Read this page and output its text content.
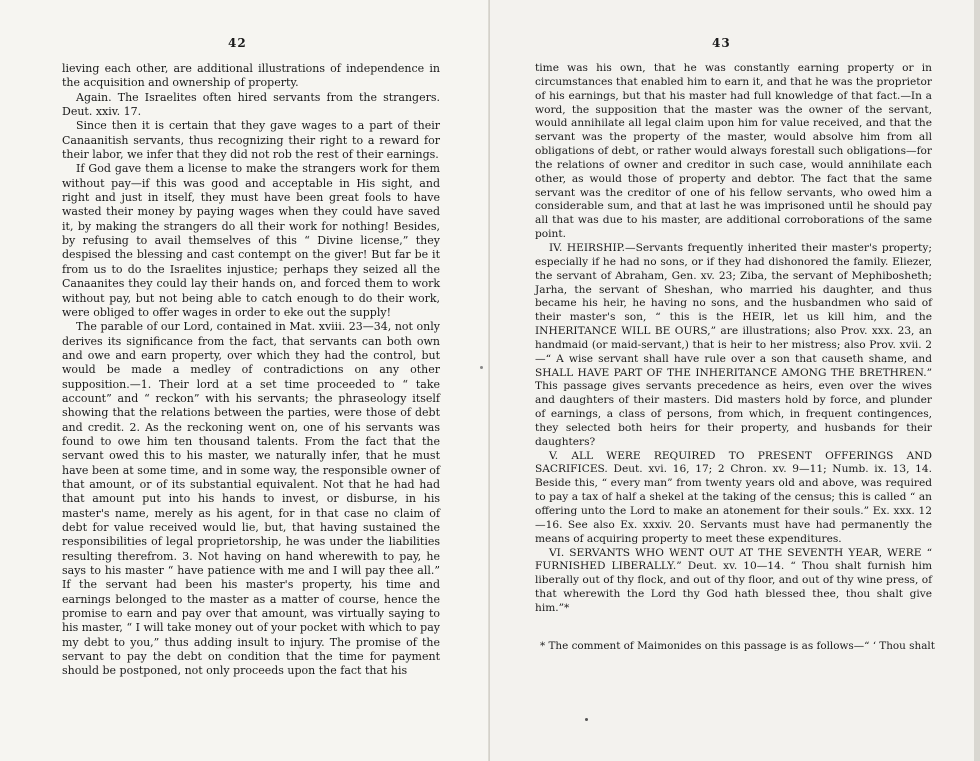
42

lieving each other, are additional illustrations of independence in the acquisition and ownership of property.

Again. The Israelites often hired servants from the strangers. Deut. xxiv. 17.

Since then it is certain that they gave wages to a part of their Canaanitish servants, thus recognizing their right to a reward for their labor, we infer that they did not rob the rest of their earnings.

If God gave them a license to make the strangers work for them without pay—if this was good and acceptable in His sight, and right and just in itself, they must have been great fools to have wasted their money by paying wages when they could have saved it, by making the strangers do all their work for nothing! Besides, by refusing to avail themselves of this “ Divine license,” they despised the blessing and cast contempt on the giver! But far be it from us to do the Israelites injustice; perhaps they seized all the Canaanites they could lay their hands on, and forced them to work without pay, but not being able to catch enough to do their work, were obliged to offer wages in order to eke out the supply!

The parable of our Lord, contained in Mat. xviii. 23—34, not only derives its significance from the fact, that servants can both own and owe and earn property, over which they had the control, but would be made a medley of contradictions on any other supposition.—1. Their lord at a set time proceeded to “ take account” and “ reckon” with his servants; the phraseology itself showing that the relations between the parties, were those of debt and credit. 2. As the reckoning went on, one of his servants was found to owe him ten thousand talents. From the fact that the servant owed this to his master, we naturally infer, that he must have been at some time, and in some way, the responsible owner of that amount, or of its substantial equivalent. Not that he had had that amount put into his hands to invest, or disburse, in his master's name, merely as his agent, for in that case no claim of debt for value received would lie, but, that having sustained the responsibilities of legal proprietorship, he was under the liabilities resulting therefrom. 3. Not having on hand wherewith to pay, he says to his master “ have patience with me and I will pay thee all.” If the servant had been his master's property, his time and earnings belonged to the master as a matter of course, hence the promise to earn and pay over that amount, was virtually saying to his master, “ I will take money out of your pocket with which to pay my debt to you,” thus adding insult to injury. The promise of the servant to pay the debt on condition that the time for payment should be postponed, not only proceeds upon the fact that his

43

time was his own, that he was constantly earning property or in circumstances that enabled him to earn it, and that he was the proprietor of his earnings, but that his master had full knowledge of that fact.—In a word, the supposition that the master was the owner of the servant, would annihilate all legal claim upon him for value received, and that the servant was the property of the master, would absolve him from all obligations of debt, or rather would always forestall such obligations—for the relations of owner and creditor in such case, would annihilate each other, as would those of property and debtor. The fact that the same servant was the creditor of one of his fellow servants, who owed him a considerable sum, and that at last he was imprisoned until he should pay all that was due to his master, are additional corroborations of the same point.

IV. HEIRSHIP.—Servants frequently inherited their master's property; especially if he had no sons, or if they had dishonored the family. Eliezer, the servant of Abraham, Gen. xv. 23; Ziba, the servant of Mephibosheth; Jarha, the servant of Sheshan, who married his daughter, and thus became his heir, he having no sons, and the husbandmen who said of their master's son, “ this is the HEIR, let us kill him, and the INHERITANCE WILL BE OURS,” are illustrations; also Prov. xxx. 23, an handmaid (or maid-servant,) that is heir to her mistress; also Prov. xvii. 2—“ A wise servant shall have rule over a son that causeth shame, and SHALL HAVE PART OF THE INHERITANCE AMONG THE BRETHREN.” This passage gives servants precedence as heirs, even over the wives and daughters of their masters. Did masters hold by force, and plunder of earnings, a class of persons, from which, in frequent contingences, they selected both heirs for their property, and husbands for their daughters?

V. ALL WERE REQUIRED TO PRESENT OFFERINGS AND SACRIFICES. Deut. xvi. 16, 17; 2 Chron. xv. 9—11; Numb. ix. 13, 14. Beside this, “ every man” from twenty years old and above, was required to pay a tax of half a shekel at the taking of the census; this is called “ an offering unto the Lord to make an atonement for their souls.” Ex. xxx. 12—16. See also Ex. xxxiv. 20. Servants must have had permanently the means of acquiring property to meet these expenditures.

VI. SERVANTS WHO WENT OUT AT THE SEVENTH YEAR, WERE “ FURNISHED LIBERALLY.” Deut. xv. 10—14. “ Thou shalt furnish him liberally out of thy flock, and out of thy floor, and out of thy wine press, of that wherewith the Lord thy God hath blessed thee, thou shalt give him.”*

* The comment of Maimonides on this passage is as follows—“ ‘ Thou shalt
